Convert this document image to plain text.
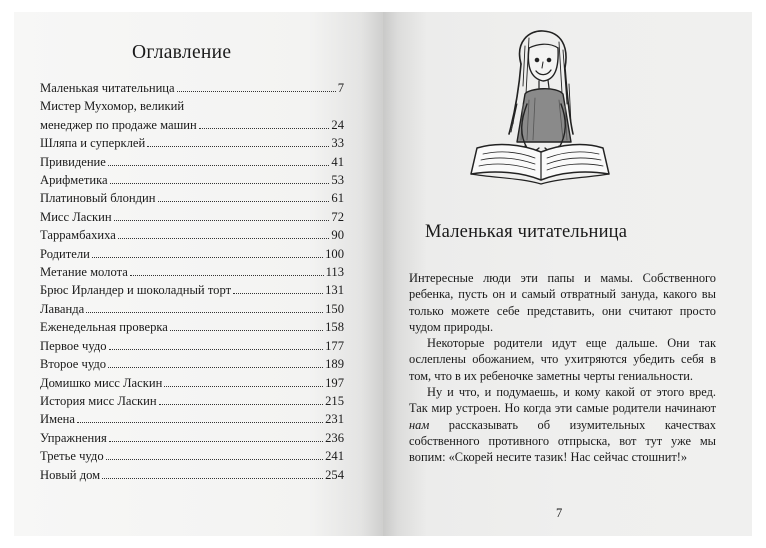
Оглавление
Маленькая читательница	7
Мистер Мухомор, великий
менеджер по продаже машин	24
Шляпа и суперклей	33
Привидение	41
Арифметика	53
Платиновый блондин	61
Мисс Ласкин	72
Таррамбахиха	90
Родители	100
Метание молота	113
Брюс Ирландер и шоколадный торт	131
Лаванда	150
Еженедельная проверка	158
Первое чудо	177
Второе чудо	189
Домишко мисс Ласкин	197
История мисс Ласкин	215
Имена	231
Упражнения	236
Третье чудо	241
Новый дом	254
Маленькая читательница

Интересные люди эти папы и мамы. Собственного ребенка, пусть он и самый отвратный зануда, какого вы только можете себе представить, они считают просто чудом природы.

Некоторые родители идут еще дальше. Они так ослеплены обожанием, что ухитряются убедить себя в том, что в их ребеночке заметны черты гениальности.

Ну и что, и подумаешь, и кому какой от этого вред. Так мир устроен. Но когда эти самые родители начинают нам рассказывать об изумительных качествах собственного противного отпрыска, вот тут уже мы вопим: «Скорей несите тазик! Нас сейчас стошнит!»

7
